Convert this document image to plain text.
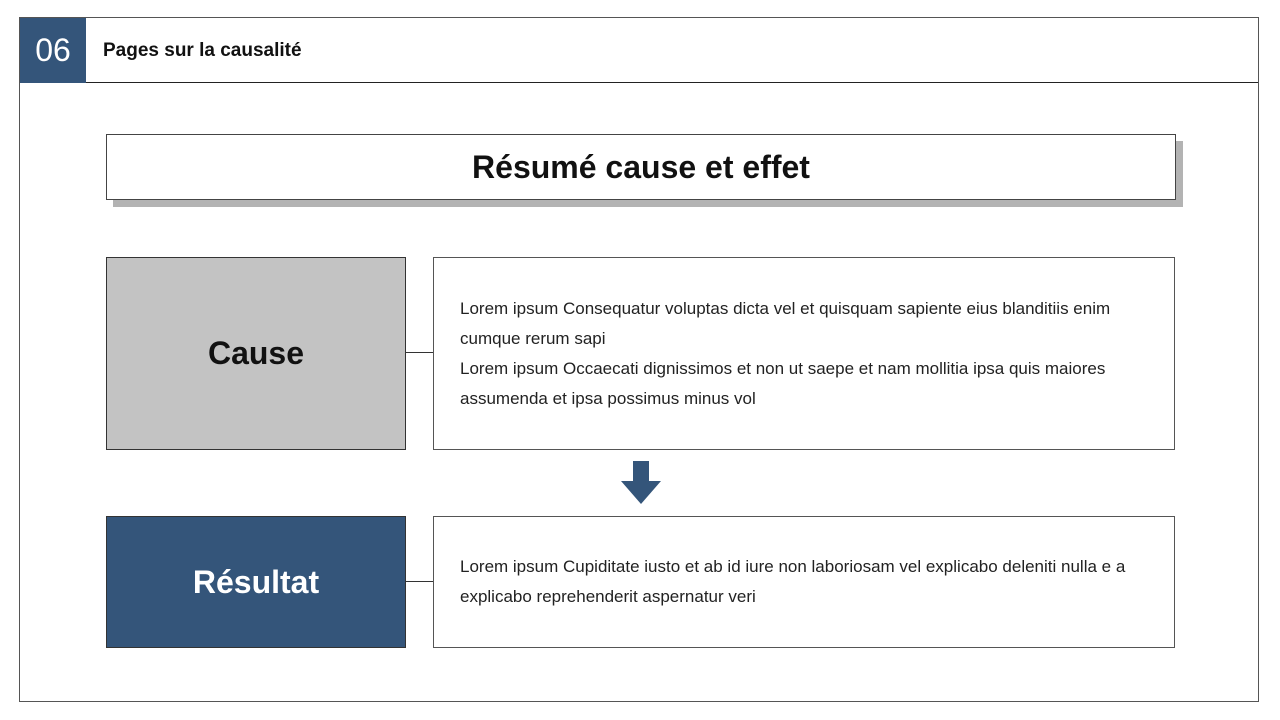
06	Pages sur la causalité
Résumé cause et effet
Cause

Lorem ipsum Consequatur voluptas dicta vel et quisquam sapiente eius blanditiis enim cumque rerum sapi

Lorem ipsum Occaecati dignissimos et non ut saepe et nam mollitia ipsa quis maiores assumenda et ipsa possimus minus vol

Résultat	Lorem ipsum Cupiditate iusto et ab id iure non laboriosam vel explicabo deleniti nulla e a explicabo reprehenderit aspernatur veri
